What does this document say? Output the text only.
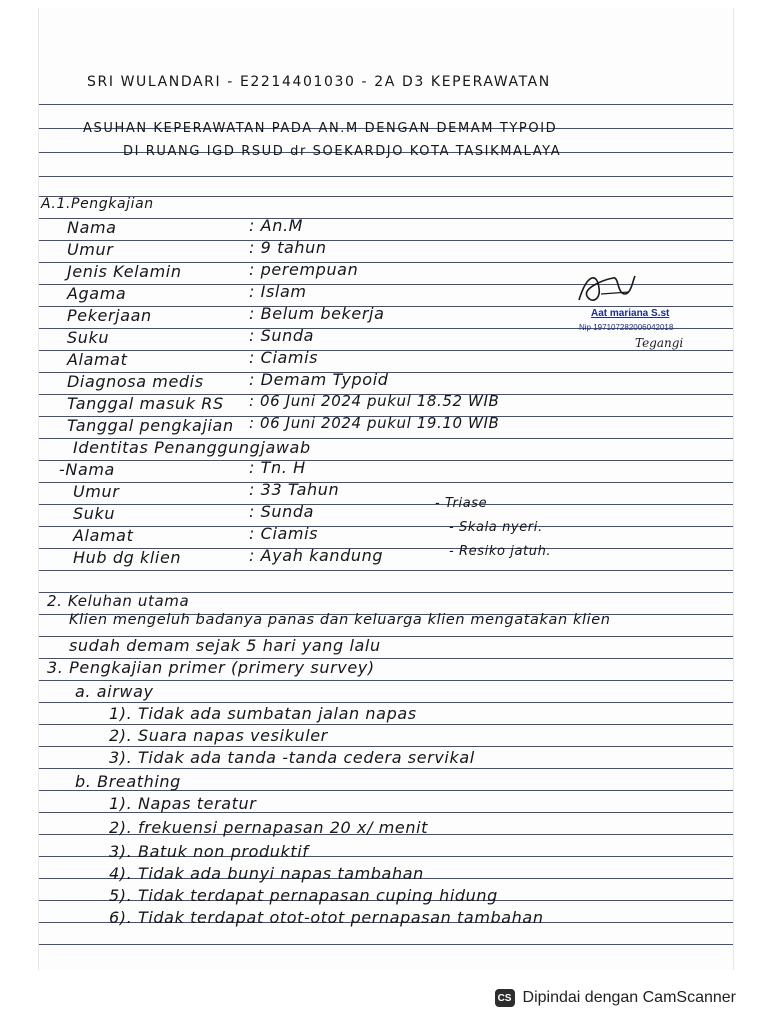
SRI WULANDARI - E2214401030 - 2A D3 KEPERAWATAN
ASUHAN KEPERAWATAN PADA AN.M DENGAN DEMAM TYPOID
DI RUANG IGD RSUD dr SOEKARDJO KOTA TASIKMALAYA
A.1.Pengkajian
Nama	: An.M
Umur	: 9 tahun
Jenis Kelamin	: perempuan
Agama	: Islam
Pekerjaan	: Belum bekerja
Suku	: Sunda
Alamat	: Ciamis
Diagnosa medis	: Demam Typoid
Tanggal masuk RS : 06 Juni 2024 pukul 18.52 WIB
Tanggal pengkajian : 06 Juni 2024 pukul 19.10 WIB
Identitas Penanggungjawab
-Nama	: Tn. H
Umur	: 33 Tahun
Suku	: Sunda
Alamat	: Ciamis
Hub dg klien	: Ayah kandung
- Triase
- Skala nyeri.
- Resiko jatuh.
Aat mariana S.st
Nip 197107282006042018
Tegangi
2. Keluhan utama
Klien mengeluh badanya panas dan keluarga klien mengatakan klien
sudah demam sejak 5 hari yang lalu
3. Pengkajian primer (primery survey)
a. airway
1). Tidak ada sumbatan jalan napas
2). Suara napas vesikuler
3). Tidak ada tanda -tanda cedera servikal
b. Breathing
1). Napas teratur
2). frekuensi pernapasan 20 x/ menit
3). Batuk non produktif
4). Tidak ada bunyi napas tambahan
5). Tidak terdapat pernapasan cuping hidung
6). Tidak terdapat otot-otot pernapasan tambahan
CS Dipindai dengan CamScanner
